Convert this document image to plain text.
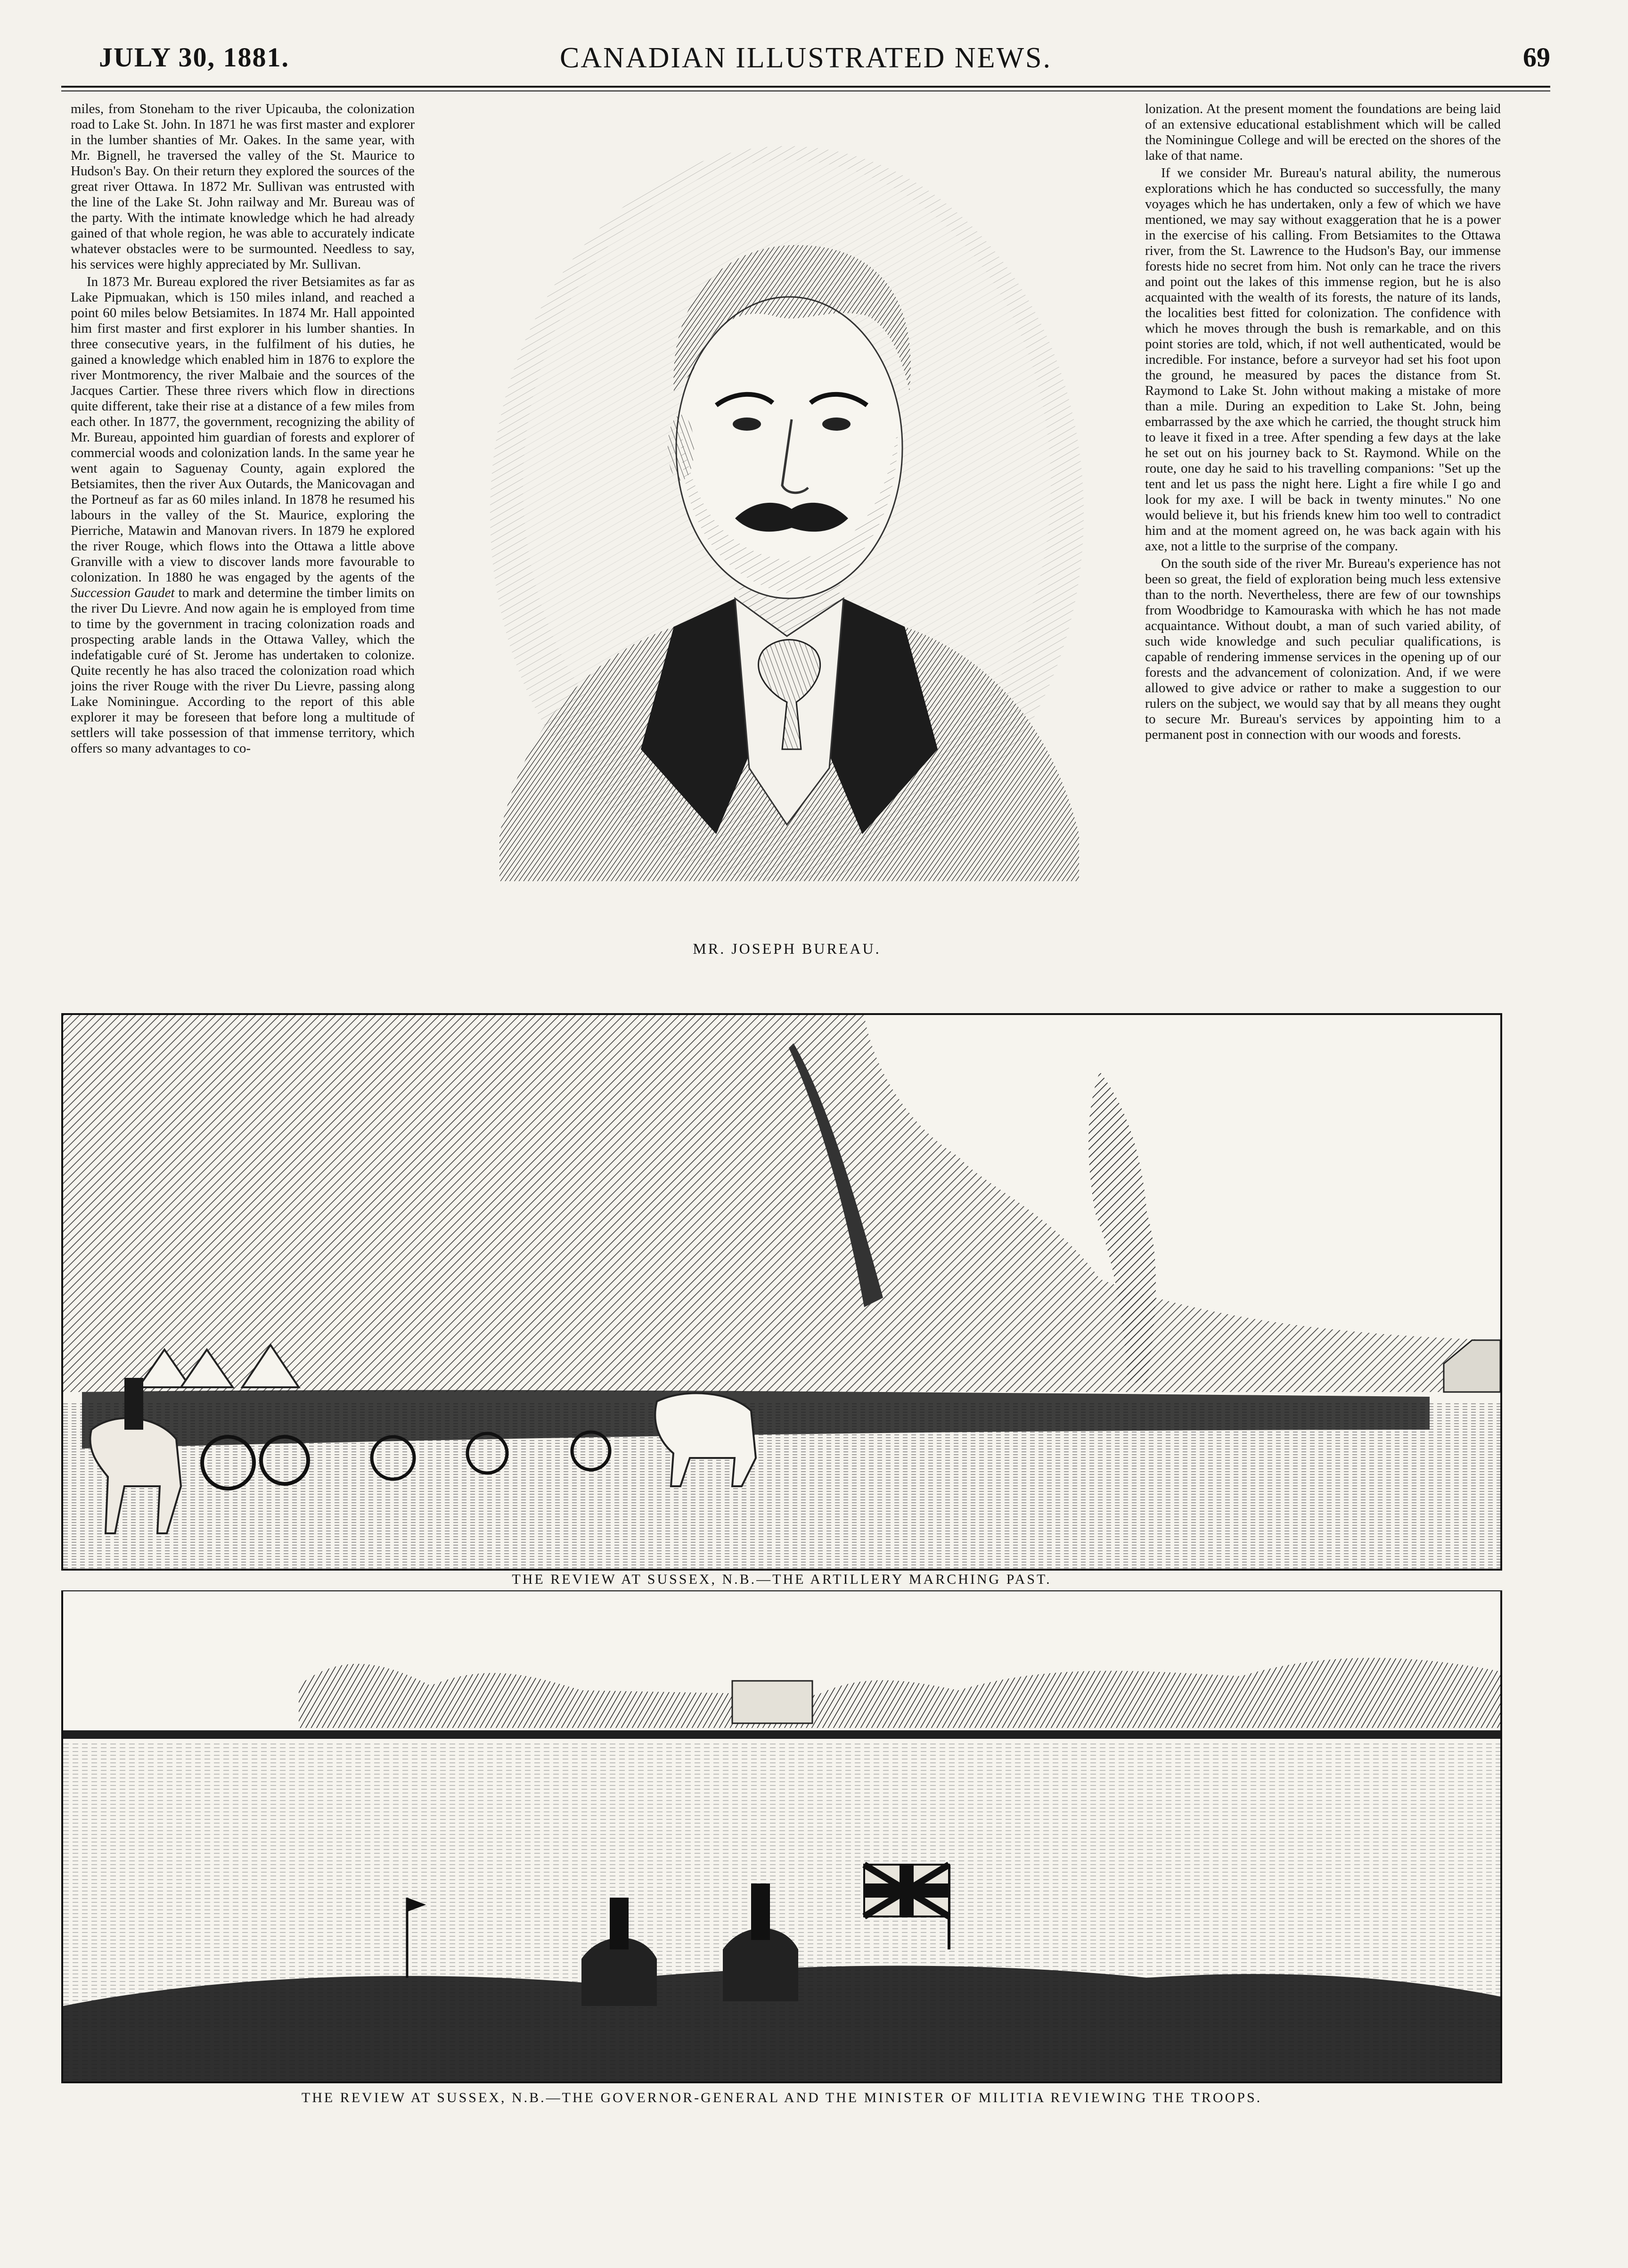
JULY 30, 1881.	CANADIAN ILLUSTRATED NEWS.	69

miles, from Stoneham to the river Upicauba, the colonization road to Lake St. John. In 1871 he was first master and explorer in the lumber shanties of Mr. Oakes. In the same year, with Mr. Bignell, he traversed the valley of the St. Maurice to Hudson's Bay. On their return they explored the sources of the great river Ottawa. In 1872 Mr. Sullivan was entrusted with the line of the Lake St. John railway and Mr. Bureau was of the party. With the intimate knowledge which he had already gained of that whole region, he was able to accurately indicate whatever obstacles were to be surmounted. Needless to say, his services were highly appreciated by Mr. Sullivan.

In 1873 Mr. Bureau explored the river Betsiamites as far as Lake Pipmuakan, which is 150 miles inland, and reached a point 60 miles below Betsiamites. In 1874 Mr. Hall appointed him first master and first explorer in his lumber shanties. In three consecutive years, in the fulfilment of his duties, he gained a knowledge which enabled him in 1876 to explore the river Montmorency, the river Malbaie and the sources of the Jacques Cartier. These three rivers which flow in directions quite different, take their rise at a distance of a few miles from each other. In 1877, the government, recognizing the ability of Mr. Bureau, appointed him guardian of forests and explorer of commercial woods and colonization lands. In the same year he went again to Saguenay County, again explored the Betsiamites, then the river Aux Outards, the Manicovagan and the Portneuf as far as 60 miles inland. In 1878 he resumed his labours in the valley of the St. Maurice, exploring the Pierriche, Matawin and Manovan rivers. In 1879 he explored the river Rouge, which flows into the Ottawa a little above Granville with a view to discover lands more favourable to colonization. In 1880 he was engaged by the agents of the Succession Gaudet to mark and determine the timber limits on the river Du Lievre. And now again he is employed from time to time by the government in tracing colonization roads and prospecting arable lands in the Ottawa Valley, which the indefatigable curé of St. Jerome has undertaken to colonize. Quite recently he has also traced the colonization road which joins the river Rouge with the river Du Lievre, passing along Lake Nominingue. According to the report of this able explorer it may be foreseen that before long a multitude of settlers will take possession of that immense territory, which offers so many advantages to co-

MR. JOSEPH BUREAU.

lonization. At the present moment the foundations are being laid of an extensive educational establishment which will be called the Nominingue College and will be erected on the shores of the lake of that name.

If we consider Mr. Bureau's natural ability, the numerous explorations which he has conducted so successfully, the many voyages which he has undertaken, only a few of which we have mentioned, we may say without exaggeration that he is a power in the exercise of his calling. From Betsiamites to the Ottawa river, from the St. Lawrence to the Hudson's Bay, our immense forests hide no secret from him. Not only can he trace the rivers and point out the lakes of this immense region, but he is also acquainted with the wealth of its forests, the nature of its lands, the localities best fitted for colonization. The confidence with which he moves through the bush is remarkable, and on this point stories are told, which, if not well authenticated, would be incredible. For instance, before a surveyor had set his foot upon the ground, he measured by paces the distance from St. Raymond to Lake St. John without making a mistake of more than a mile. During an expedition to Lake St. John, being embarrassed by the axe which he carried, the thought struck him to leave it fixed in a tree. After spending a few days at the lake he set out on his journey back to St. Raymond. While on the route, one day he said to his travelling companions: "Set up the tent and let us pass the night here. Light a fire while I go and look for my axe. I will be back in twenty minutes." No one would believe it, but his friends knew him too well to contradict him and at the moment agreed on, he was back again with his axe, not a little to the surprise of the company.

On the south side of the river Mr. Bureau's experience has not been so great, the field of exploration being much less extensive than to the north. Nevertheless, there are few of our townships from Woodbridge to Kamouraska with which he has not made acquaintance. Without doubt, a man of such varied ability, of such wide knowledge and such peculiar qualifications, is capable of rendering immense services in the opening up of our forests and the advancement of colonization. And, if we were allowed to give advice or rather to make a suggestion to our rulers on the subject, we would say that by all means they ought to secure Mr. Bureau's services by appointing him to a permanent post in connection with our woods and forests.

THE REVIEW AT SUSSEX, N.B.—THE ARTILLERY MARCHING PAST.
THE REVIEW AT SUSSEX, N.B.—THE GOVERNOR-GENERAL AND THE MINISTER OF MILITIA REVIEWING THE TROOPS.
